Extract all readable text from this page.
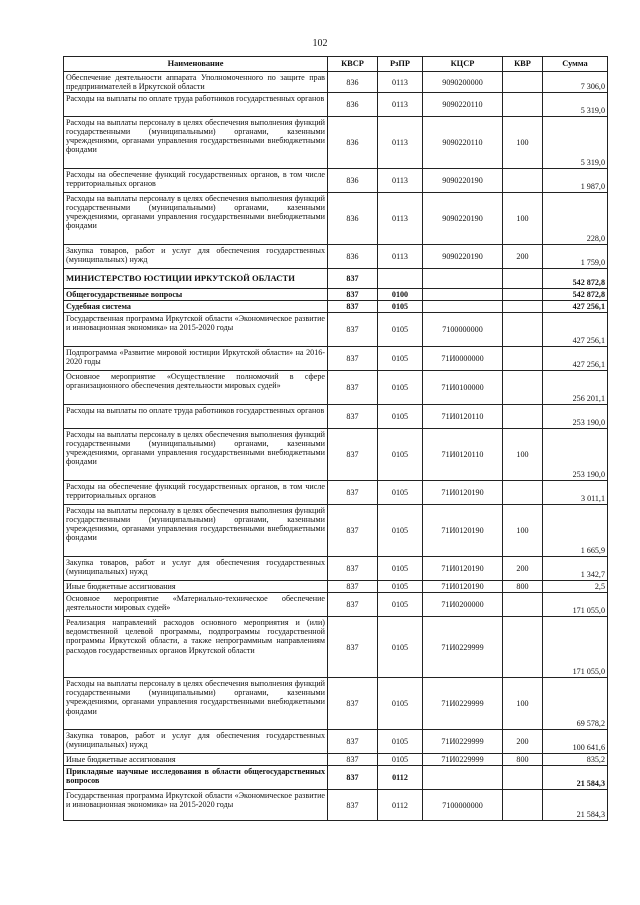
102
Наименование	КВСР	РзПР	КЦСР	КВР	Сумма
Обеспечение деятельности аппарата Уполномоченного по защите прав предпринимателей в Иркутской области	836	0113	9090200000		7 306,0
Расходы на выплаты по оплате труда работников государственных органов	836	0113	9090220110		5 319,0
Расходы на выплаты персоналу в целях обеспечения выполнения функций государственными (муниципальными) органами, казенными учреждениями, органами управления государственными внебюджетными фондами	836	0113	9090220110	100	5 319,0
Расходы на обеспечение функций государственных органов, в том числе территориальных органов	836	0113	9090220190		1 987,0
Расходы на выплаты персоналу в целях обеспечения выполнения функций государственными (муниципальными) органами, казенными учреждениями, органами управления государственными внебюджетными фондами	836	0113	9090220190	100	228,0
Закупка товаров, работ и услуг для обеспечения государственных (муниципальных) нужд	836	0113	9090220190	200	1 759,0
МИНИСТЕРСТВО ЮСТИЦИИ ИРКУТСКОЙ ОБЛАСТИ	837				542 872,8
Общегосударственные вопросы	837	0100			542 872,8
Судебная система	837	0105			427 256,1
Государственная программа Иркутской области «Экономическое развитие и инновационная экономика» на 2015-2020 годы	837	0105	7100000000		427 256,1
Подпрограмма «Развитие мировой юстиции Иркутской области» на 2016-2020 годы	837	0105	71И0000000		427 256,1
Основное мероприятие «Осуществление полномочий в сфере организационного обеспечения деятельности мировых судей»	837	0105	71И0100000		256 201,1
Расходы на выплаты по оплате труда работников государственных органов	837	0105	71И0120110		253 190,0
Расходы на выплаты персоналу в целях обеспечения выполнения функций государственными (муниципальными) органами, казенными учреждениями, органами управления государственными внебюджетными фондами	837	0105	71И0120110	100	253 190,0
Расходы на обеспечение функций государственных органов, в том числе территориальных органов	837	0105	71И0120190		3 011,1
Расходы на выплаты персоналу в целях обеспечения выполнения функций государственными (муниципальными) органами, казенными учреждениями, органами управления государственными внебюджетными фондами	837	0105	71И0120190	100	1 665,9
Закупка товаров, работ и услуг для обеспечения государственных (муниципальных) нужд	837	0105	71И0120190	200	1 342,7
Иные бюджетные ассигнования	837	0105	71И0120190	800	2,5
Основное мероприятие «Материально-техническое обеспечение деятельности мировых судей»	837	0105	71И0200000		171 055,0
Реализация направлений расходов основного мероприятия и (или) ведомственной целевой программы, подпрограммы государственной программы Иркутской области, а также непрограммным направлениям расходов государственных органов Иркутской области	837	0105	71И0229999		171 055,0
Расходы на выплаты персоналу в целях обеспечения выполнения функций государственными (муниципальными) органами, казенными учреждениями, органами управления государственными внебюджетными фондами	837	0105	71И0229999	100	69 578,2
Закупка товаров, работ и услуг для обеспечения государственных (муниципальных) нужд	837	0105	71И0229999	200	100 641,6
Иные бюджетные ассигнования	837	0105	71И0229999	800	835,2
Прикладные научные исследования в области общегосударственных вопросов	837	0112			21 584,3
Государственная программа Иркутской области «Экономическое развитие и инновационная экономика» на 2015-2020 годы	837	0112	7100000000		21 584,3
